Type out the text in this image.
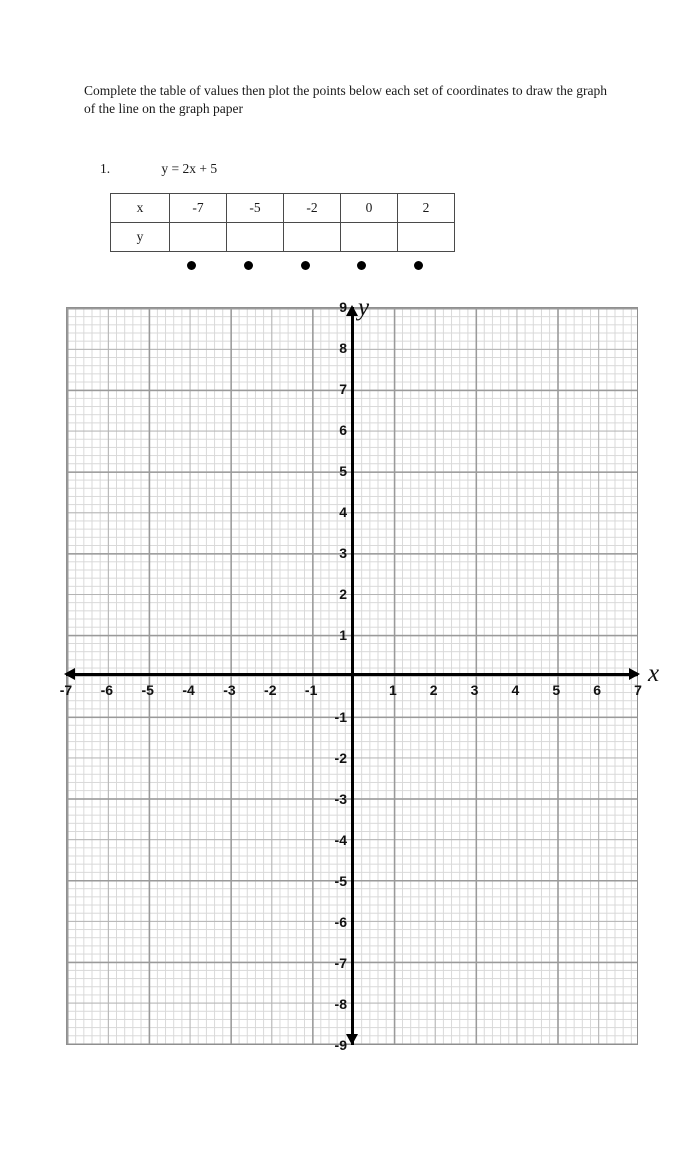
Complete the table of values then plot the points below each set of coordinates to draw the graph of the line on the graph paper
1.	y = 2x + 5
x	-7	-5	-2	0	2
y					
-7	-6	-5	-4	-3	-2	-1	1	2	3	4	5	6	7
9
8
7
6
5
4
3
2
1
-1
-2
-3
-4
-5
-6
-7
-8
-9
x
y
